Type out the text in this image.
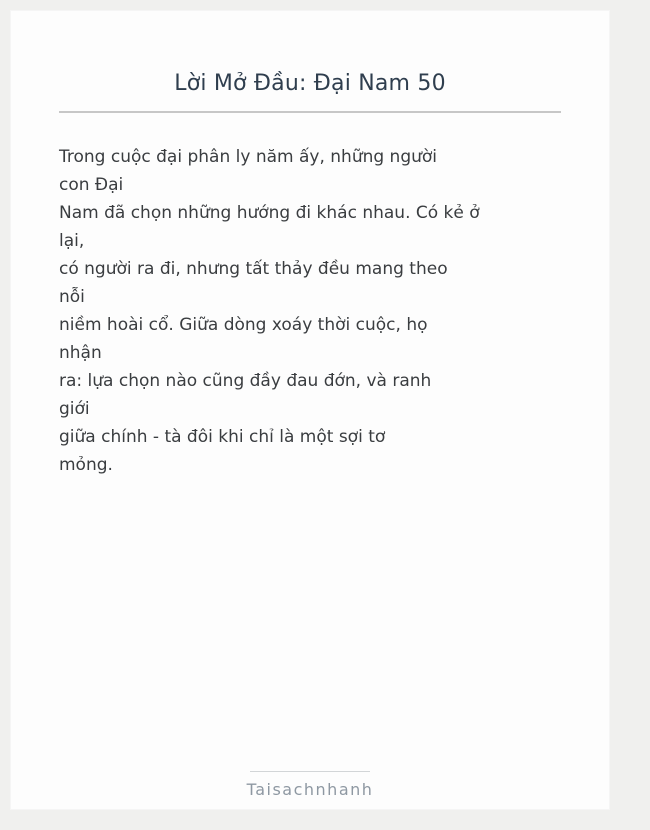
Lời Mở Đầu: Đại Nam 50
Trong cuộc đại phân ly năm ấy, những người
con Đại
Nam đã chọn những hướng đi khác nhau. Có kẻ ở
lại,
có người ra đi, nhưng tất thảy đều mang theo
nỗi
niềm hoài cổ. Giữa dòng xoáy thời cuộc, họ
nhận
ra: lựa chọn nào cũng đầy đau đớn, và ranh
giới
giữa chính - tà đôi khi chỉ là một sợi tơ
mỏng.
Taisachnhanh
